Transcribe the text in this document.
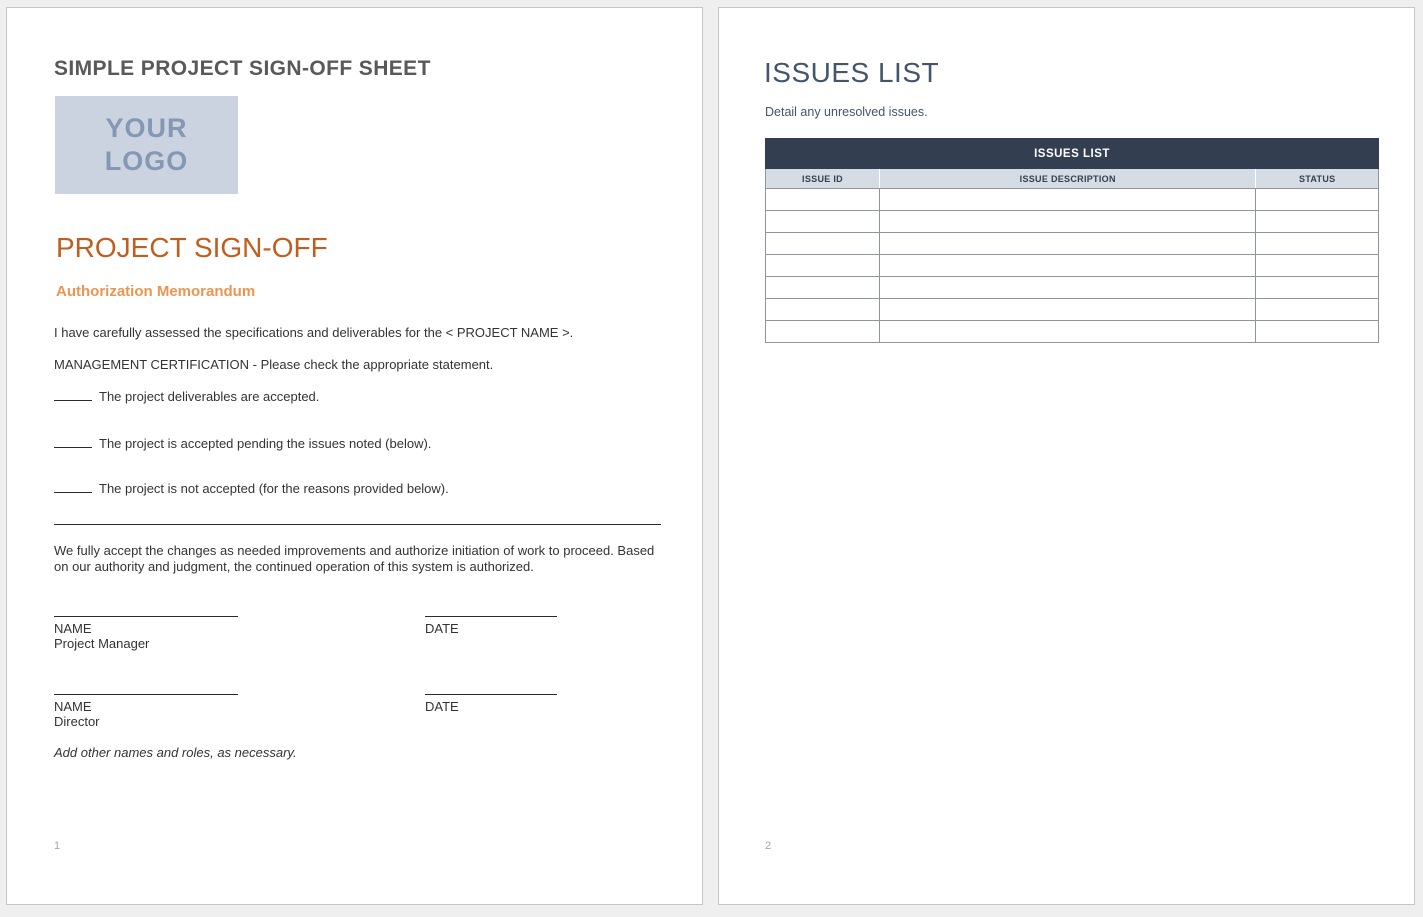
SIMPLE PROJECT SIGN-OFF SHEET
YOUR
LOGO
PROJECT SIGN-OFF
Authorization Memorandum
I have carefully assessed the specifications and deliverables for the < PROJECT NAME >.
MANAGEMENT CERTIFICATION - Please check the appropriate statement.
The project deliverables are accepted.
The project is accepted pending the issues noted (below).
The project is not accepted (for the reasons provided below).
We fully accept the changes as needed improvements and authorize initiation of work to proceed. Based on our authority and judgment, the continued operation of this system is authorized.
NAME
Project Manager
DATE
NAME
Director
DATE
Add other names and roles, as necessary.
1
ISSUES LIST
Detail any unresolved issues.
ISSUES LIST		
ISSUE ID	ISSUE DESCRIPTION	STATUS

2
